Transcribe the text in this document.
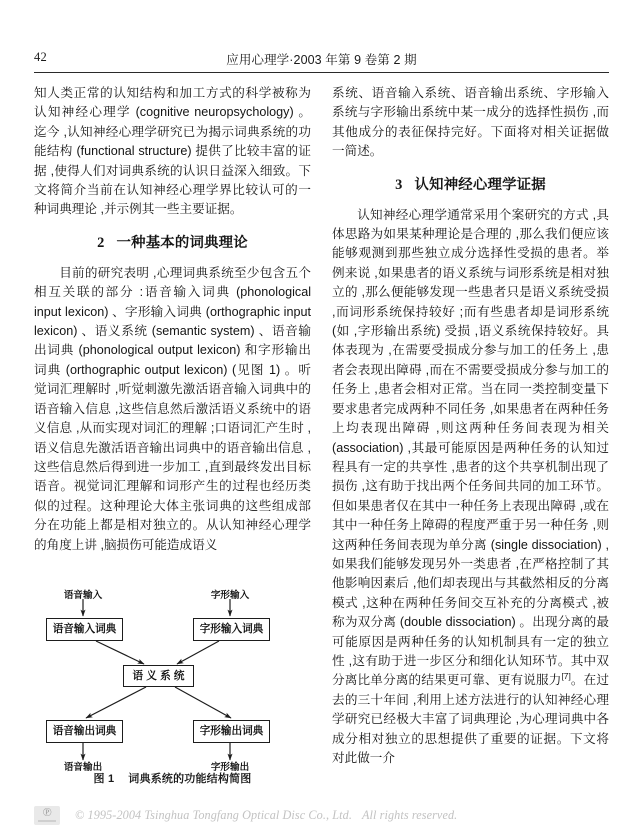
42	应用心理学·2003 年第 9 卷第 2 期

知人类正常的认知结构和加工方式的科学被称为认知神经心理学 (cognitive neuropsychology) 。迄今 ,认知神经心理学研究已为揭示词典系统的功能结构 (functional structure) 提供了比较丰富的证据 ,使得人们对词典系统的认识日益深入细致。下文将简介当前在认知神经心理学界比较认可的一种词典理论 ,并示例其一些主要证据。

2 一种基本的词典理论

目前的研究表明 ,心理词典系统至少包含五个相互关联的部分 :语音输入词典 (phonological input lexicon) 、字形输入词典 (orthographic input lexicon) 、语义系统 (semantic system) 、语音输出词典 (phonological output lexicon) 和字形输出词典 (orthographic output lexicon) (见图 1) 。听觉词汇理解时 ,听觉刺激先激活语音输入词典中的语音输入信息 ,这些信息然后激活语义系统中的语义信息 ,从而实现对词汇的理解 ;口语词汇产生时 ,语义信息先激活语音输出词典中的语音输出信息 ,这些信息然后得到进一步加工 ,直到最终发出目标语音。视觉词汇理解和词形产生的过程也经历类似的过程。这种理论大体主张词典的这些组成部分在功能上都是相对独立的。从认知神经心理学的角度上讲 ,脑损伤可能造成语义

语音输入	字形输入
语音输出	字形输出
语音输入词典	字形输入词典
语义系统
语音输出词典	字形输出词典
图 1 词典系统的功能结构简图

系统、语音输入系统、语音输出系统、字形输入系统与字形输出系统中某一成分的选择性损伤 ,而其他成分的表征保持完好。下面将对相关证据做一简述。

3 认知神经心理学证据

认知神经心理学通常采用个案研究的方式 ,具体思路为如果某种理论是合理的 ,那么我们便应该能够观测到那些独立成分选择性受损的患者。举例来说 ,如果患者的语义系统与词形系统是相对独立的 ,那么便能够发现一些患者只是语义系统受损 ,而词形系统保持较好 ;而有些患者却是词形系统 (如 ,字形输出系统) 受损 ,语义系统保持较好。具体表现为 ,在需要受损成分参与加工的任务上 ,患者会表现出障碍 ,而在不需要受损成分参与加工的任务上 ,患者会相对正常。当在同一类控制变量下要求患者完成两种不同任务 ,如果患者在两种任务上均表现出障碍 ,则这两种任务间表现为相关 (association) ,其最可能原因是两种任务的认知过程具有一定的共享性 ,患者的这个共享机制出现了损伤 ,这有助于找出两个任务间共同的加工环节。但如果患者仅在其中一种任务上表现出障碍 ,或在其中一种任务上障碍的程度严重于另一种任务 ,则这两种任务间表现为单分离 (single dissociation) ,如果我们能够发现另外一类患者 ,在严格控制了其他影响因素后 ,他们却表现出与其截然相反的分离模式 ,这种在两种任务间交互补充的分离模式 ,被称为双分离 (double dissociation) 。出现分离的最可能原因是两种任务的认知机制具有一定的独立性 ,这有助于进一步区分和细化认知环节。其中双分离比单分离的结果更可靠、更有说服力[7]。在过去的三十年间 ,利用上述方法进行的认知神经心理学研究已经极大丰富了词典理论 ,为心理词典中各成分相对独立的思想提供了重要的证据。下文将对此做一介

℗	© 1995-2004 Tsinghua Tongfang Optical Disc Co., Ltd. All rights reserved.
